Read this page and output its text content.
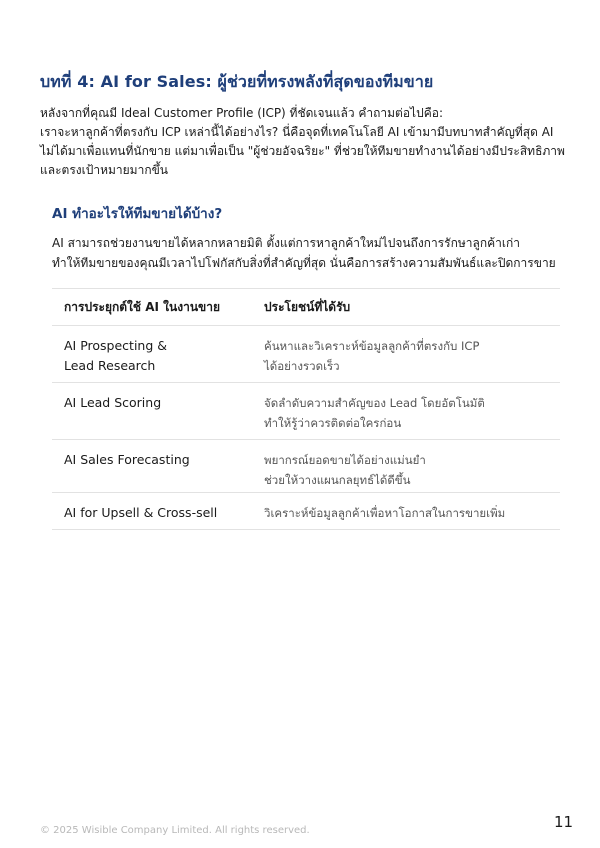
บทที่ 4: AI for Sales: ผู้ช่วยที่ทรงพลังที่สุดของทีมขาย
หลังจากที่คุณมี Ideal Customer Profile (ICP) ที่ชัดเจนแล้ว คำถามต่อไปคือ:
เราจะหาลูกค้าที่ตรงกับ ICP เหล่านี้ได้อย่างไร? นี่คือจุดที่เทคโนโลยี AI เข้ามามีบทบาทสำคัญที่สุด AI
ไม่ได้มาเพื่อแทนที่นักขาย แต่มาเพื่อเป็น "ผู้ช่วยอัจฉริยะ" ที่ช่วยให้ทีมขายทำงานได้อย่างมีประสิทธิภาพ
และตรงเป้าหมายมากขึ้น
AI ทำอะไรให้ทีมขายได้บ้าง?
AI สามารถช่วยงานขายได้หลากหลายมิติ ตั้งแต่การหาลูกค้าใหม่ไปจนถึงการรักษาลูกค้าเก่า
ทำให้ทีมขายของคุณมีเวลาไปโฟกัสกับสิ่งที่สำคัญที่สุด นั่นคือการสร้างความสัมพันธ์และปิดการขาย
การประยุกต์ใช้ AI ในงานขาย	ประโยชน์ที่ได้รับ

AI Prospecting &
Lead Research	ค้นหาและวิเคราะห์ข้อมูลลูกค้าที่ตรงกับ ICP
ได้อย่างรวดเร็ว

AI Lead Scoring	จัดลำดับความสำคัญของ Lead โดยอัตโนมัติ
ทำให้รู้ว่าควรติดต่อใครก่อน

AI Sales Forecasting	พยากรณ์ยอดขายได้อย่างแม่นยำ
ช่วยให้วางแผนกลยุทธ์ได้ดีขึ้น

AI for Upsell & Cross-sell	วิเคราะห์ข้อมูลลูกค้าเพื่อหาโอกาสในการขายเพิ่ม
© 2025 Wisible Company Limited. All rights reserved.	11
